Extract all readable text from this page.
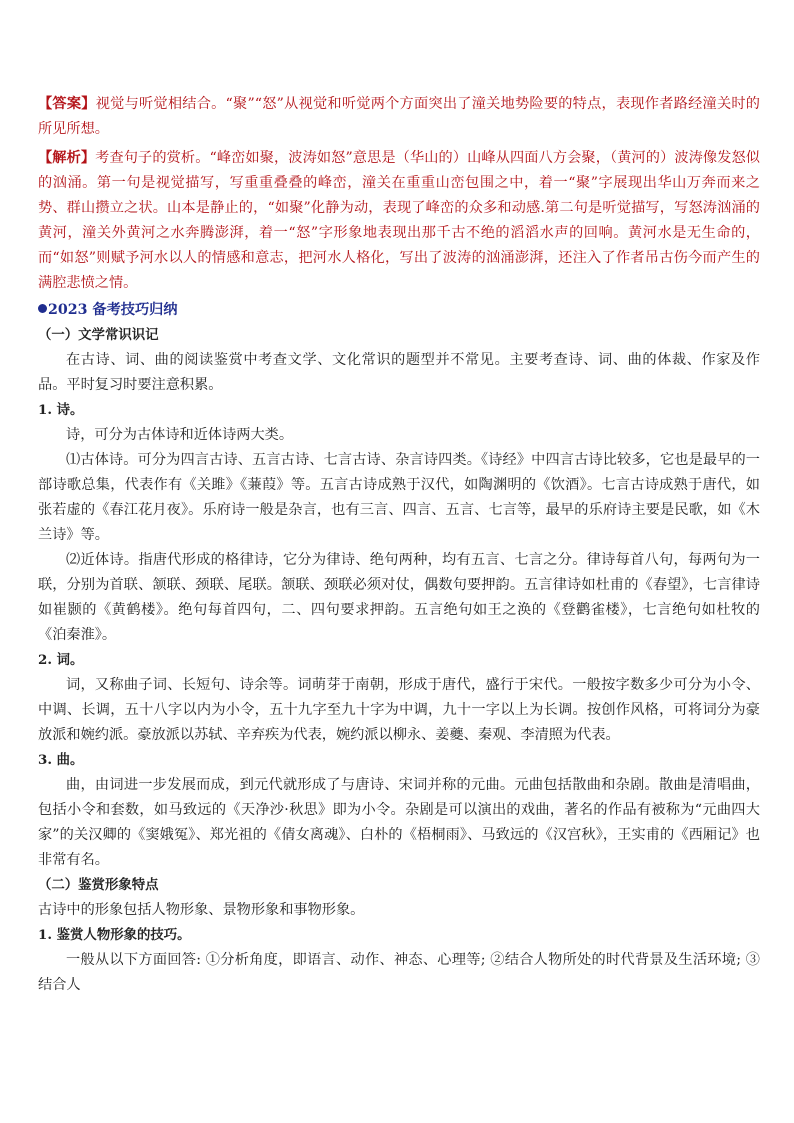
【答案】视觉与听觉相结合。“聚”“怒”从视觉和听觉两个方面突出了潼关地势险要的特点，表现作者路经潼关时的所见所想。

【解析】考查句子的赏析。“峰峦如聚，波涛如怒”意思是（华山的）山峰从四面八方会聚，（黄河的）波涛像发怒似的汹涌。第一句是视觉描写，写重重叠叠的峰峦，潼关在重重山峦包围之中，着一“聚”字展现出华山万奔而来之势、群山攒立之状。山本是静止的，“如聚”化静为动，表现了峰峦的众多和动感.第二句是听觉描写，写怒涛汹涌的黄河，潼关外黄河之水奔腾澎湃，着一“怒”字形象地表现出那千古不绝的滔滔水声的回响。黄河水是无生命的，而“如怒”则赋予河水以人的情感和意志，把河水人格化，写出了波涛的汹涌澎湃，还注入了作者吊古伤今而产生的满腔悲愤之情。

2023 备考技巧归纳

（一）文学常识识记

在古诗、词、曲的阅读鉴赏中考查文学、文化常识的题型并不常见。主要考查诗、词、曲的体裁、作家及作品。平时复习时要注意积累。

1. 诗。

诗，可分为古体诗和近体诗两大类。

⑴古体诗。可分为四言古诗、五言古诗、七言古诗、杂言诗四类。《诗经》中四言古诗比较多，它也是最早的一部诗歌总集，代表作有《关雎》《蒹葭》等。五言古诗成熟于汉代，如陶渊明的《饮酒》。七言古诗成熟于唐代，如张若虚的《春江花月夜》。乐府诗一般是杂言，也有三言、四言、五言、七言等，最早的乐府诗主要是民歌，如《木兰诗》等。

⑵近体诗。指唐代形成的格律诗，它分为律诗、绝句两种，均有五言、七言之分。律诗每首八句，每两句为一联，分别为首联、颔联、颈联、尾联。颔联、颈联必须对仗，偶数句要押韵。五言律诗如杜甫的《春望》，七言律诗如崔颢的《黄鹤楼》。绝句每首四句，二、四句要求押韵。五言绝句如王之涣的《登鹳雀楼》，七言绝句如杜牧的《泊秦淮》。

2. 词。

词，又称曲子词、长短句、诗余等。词萌芽于南朝，形成于唐代，盛行于宋代。一般按字数多少可分为小令、中调、长调，五十八字以内为小令，五十九字至九十字为中调，九十一字以上为长调。按创作风格，可将词分为豪放派和婉约派。豪放派以苏轼、辛弃疾为代表，婉约派以柳永、姜夔、秦观、李清照为代表。

3. 曲。

曲，由词进一步发展而成，到元代就形成了与唐诗、宋词并称的元曲。元曲包括散曲和杂剧。散曲是清唱曲，包括小令和套数，如马致远的《天净沙·秋思》即为小令。杂剧是可以演出的戏曲，著名的作品有被称为“元曲四大家”的关汉卿的《窦娥冤》、郑光祖的《倩女离魂》、白朴的《梧桐雨》、马致远的《汉宫秋》，王实甫的《西厢记》也非常有名。

（二）鉴赏形象特点

古诗中的形象包括人物形象、景物形象和事物形象。

1. 鉴赏人物形象的技巧。

一般从以下方面回答: ①分析角度，即语言、动作、神态、心理等; ②结合人物所处的时代背景及生活环境; ③结合人
